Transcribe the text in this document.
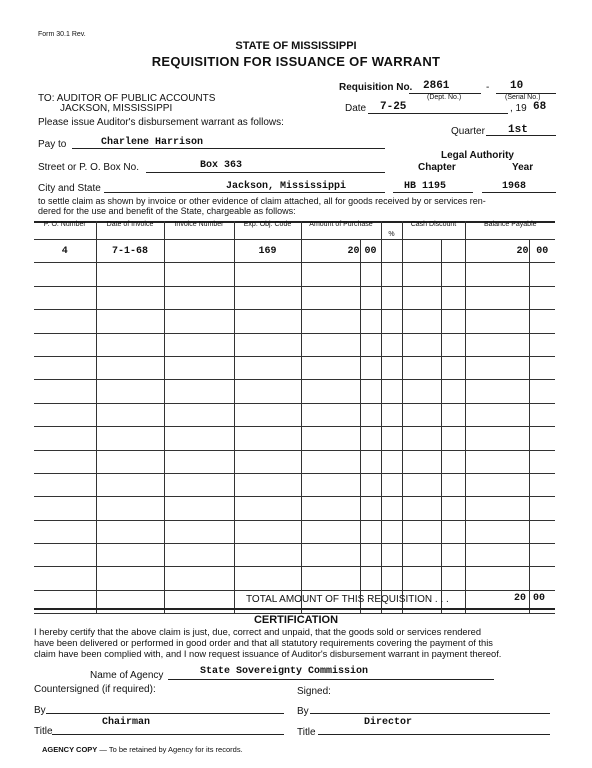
Form 30.1 Rev.
STATE OF MISSISSIPPI
REQUISITION FOR ISSUANCE OF WARRANT
Requisition No. 2861	- 10
(Dept. No.)	(Serial No.)
TO: AUDITOR OF PUBLIC ACCOUNTS
JACKSON, MISSISSIPPI
Please issue Auditor's disbursement warrant as follows:
Date 7-25	, 19 68
Quarter 1st
Pay to	Charlene Harrison
Legal Authority
Chapter	Year
Street or P. O. Box No.	Box 363
City and State	Jackson, Mississippi	HB 1195	1968
to settle claim as shown by invoice or other evidence of claim attached, all for goods received by or services ren-
dered for the use and benefit of the State, chargeable as follows:
P. O. Number	Date of Invoice	Invoice Number	Exp. Obj. Code	Amount of Purchase		%	Cash Discount		Balance Payable	
4	7-1-68		169	20	00				20	00

TOTAL AMOUNT OF THIS REQUISITION . . .	20 00
CERTIFICATION
I hereby certify that the above claim is just, due, correct and unpaid, that the goods sold or services rendered
have been delivered or performed in good order and that all statutory requirements covering the payment of this
claim have been complied with, and I now request issuance of Auditor's disbursement warrant in payment thereof.
Name of Agency	State Sovereignty Commission
Countersigned (if required):	Signed:
By	By
Title
Chairman
Title
Director
AGENCY COPY — To be retained by Agency for its records.
